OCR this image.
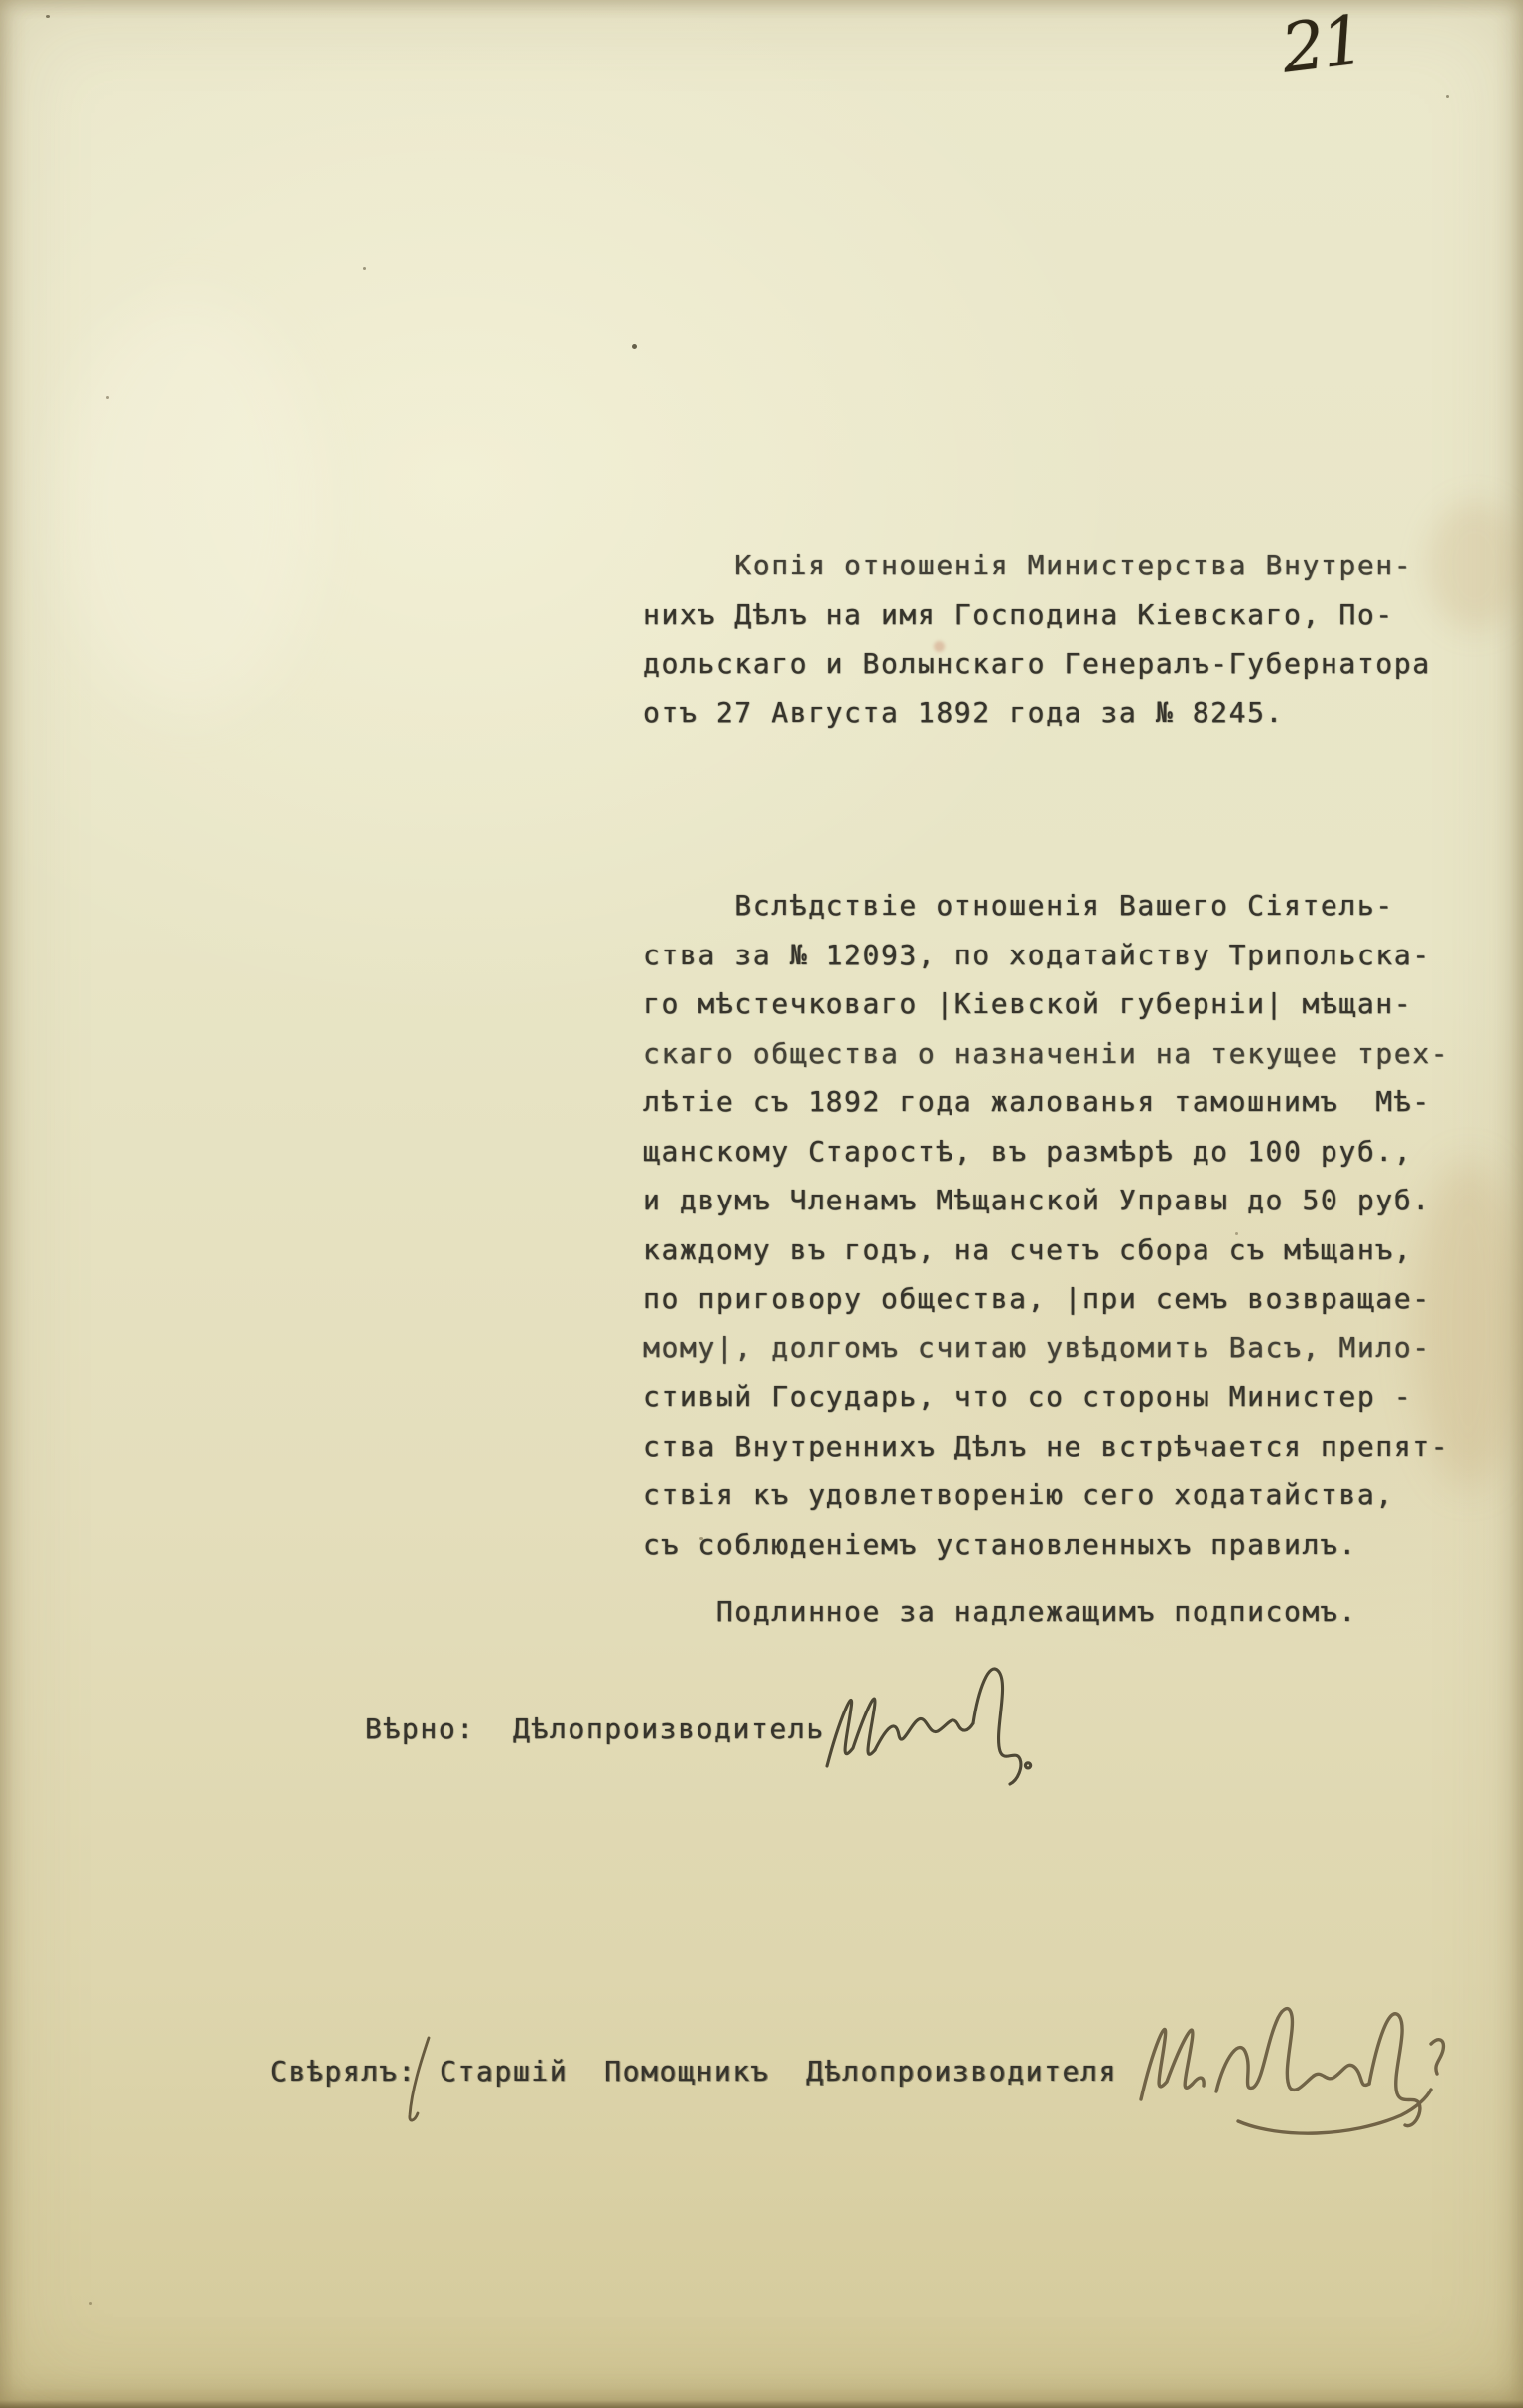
21
Копія отношенія Министерства Внутрен-
нихъ Дѣлъ на имя Господина Кіевскаго, По-
дольскаго и Волынскаго Генералъ-Губернатора
отъ 27 Августа 1892 года за № 8245.
Вслѣдствіе отношенія Вашего Сіятель-
ства за № 12093, по ходатайству Трипольска-
го мѣстечковаго |Кіевской губерніи| мѣщан-
скаго общества о назначеніи на текущее трех-
лѣтіе съ 1892 года жалованья тамошнимъ  Мѣ-
щанскому Старостѣ, въ размѣрѣ до 100 руб.,
и двумъ Членамъ Мѣщанской Управы до 50 руб.
каждому въ годъ, на счетъ сбора съ мѣщанъ,
по приговору общества, |при семъ возвращае-
мому|, долгомъ считаю увѣдомить Васъ, Мило-
стивый Государь, что со стороны Министер -
ства Внутреннихъ Дѣлъ не встрѣчается препят-
ствія къ удовлетворенію сего ходатайства,
съ соблюденіемъ установленныхъ правилъ.
Подлинное за надлежащимъ подписомъ.
Вѣрно: Дѣлопроизводитель
Свѣрялъ: Старшій  Помощникъ  Дѣлопроизводителя
